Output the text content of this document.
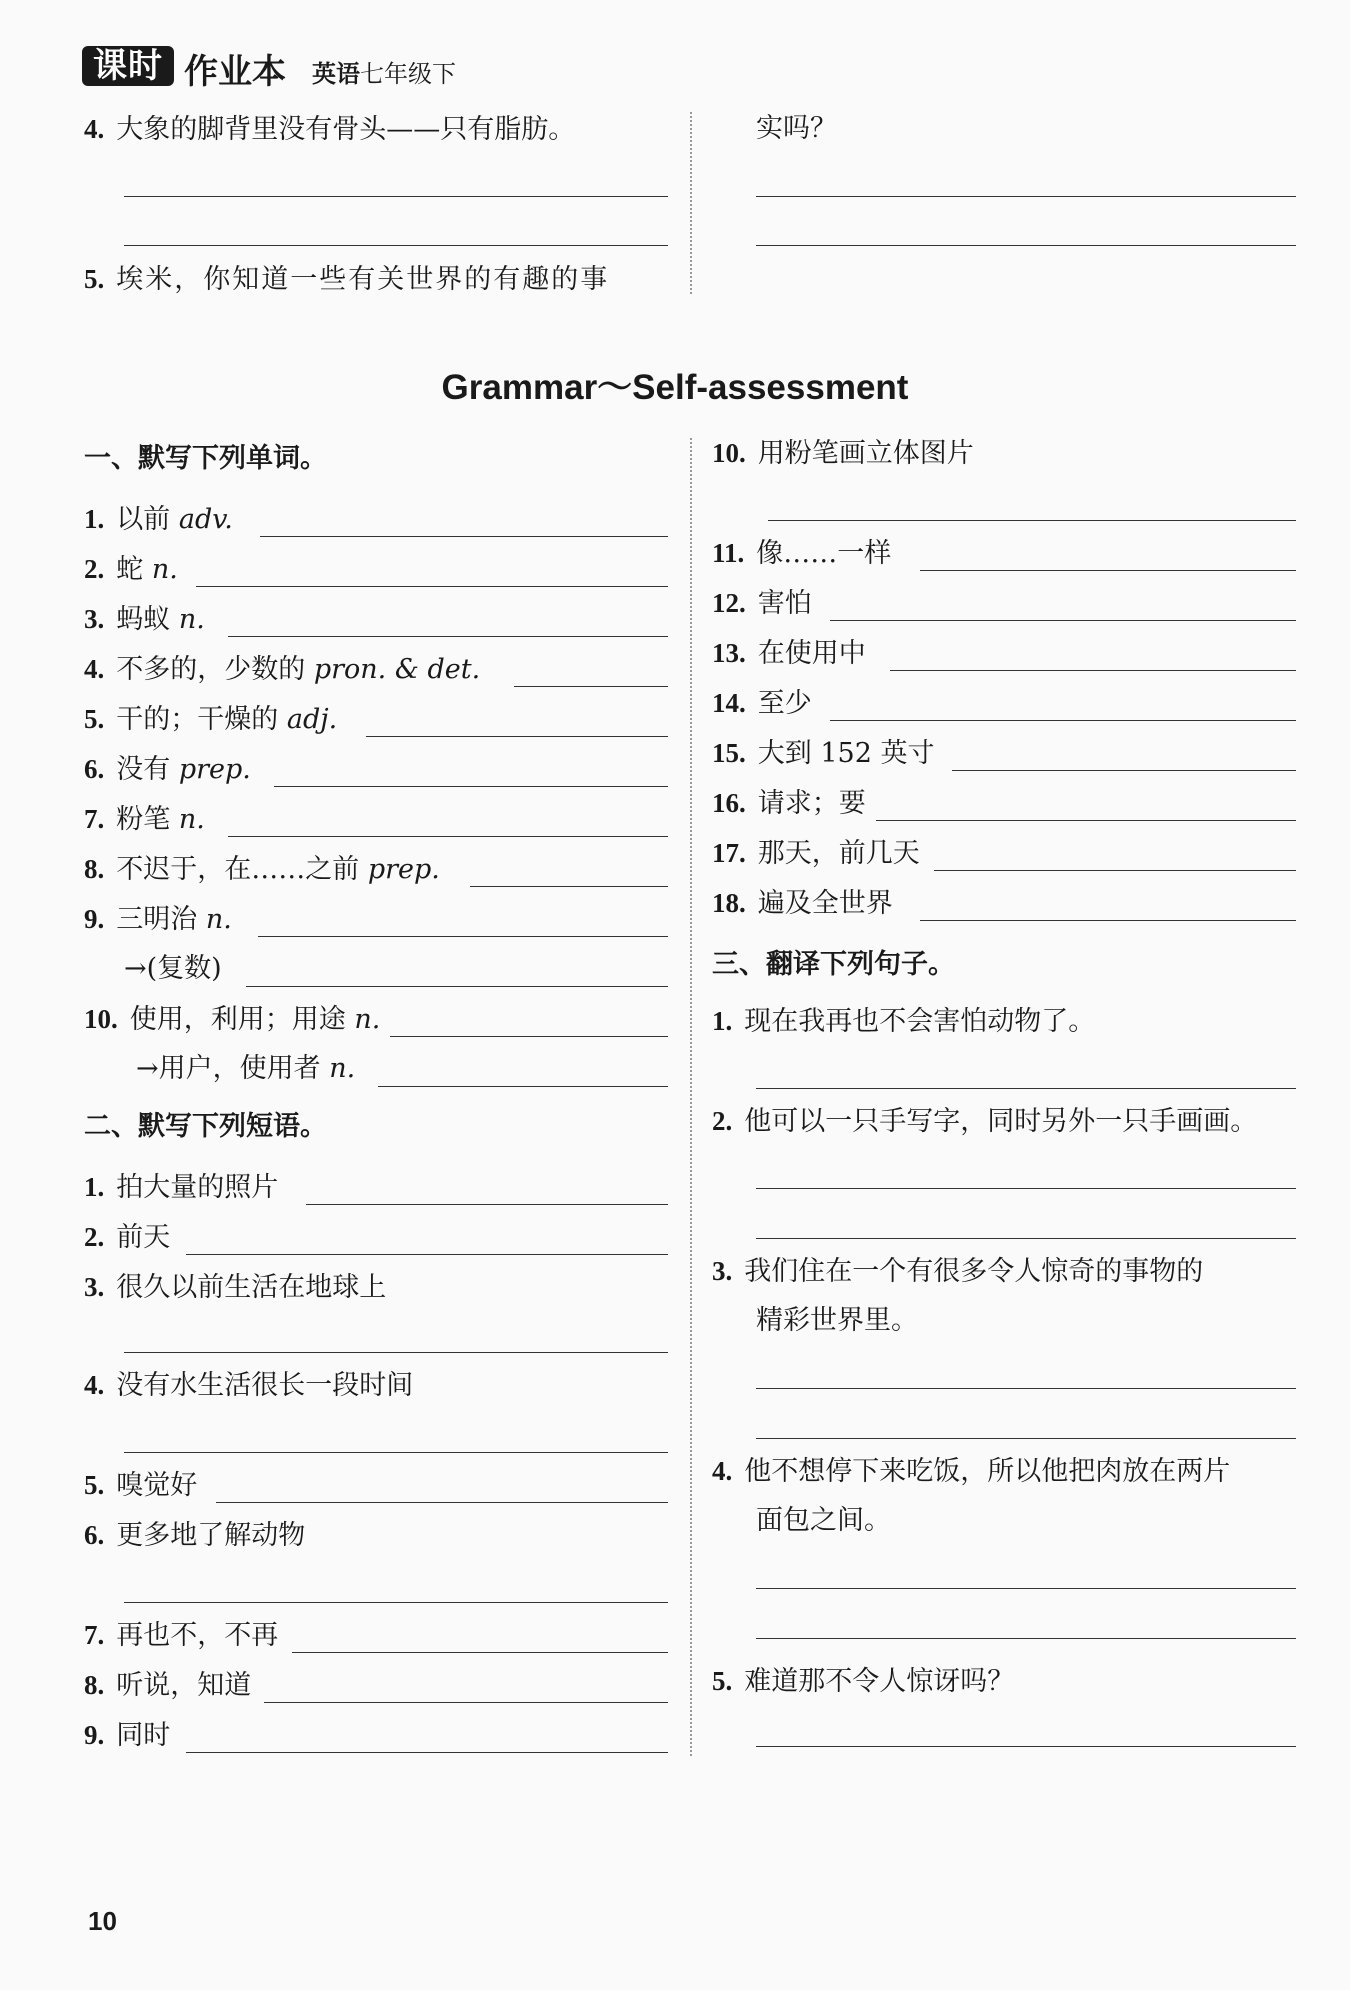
课时 作业本 英语七年级下
4. 大象的脚背里没有骨头——只有脂肪。
5. 埃米，你知道一些有关世界的有趣的事
实吗？
Grammar～Self-assessment
一、默写下列单词。
1. 以前 adv.
2. 蛇 n.
3. 蚂蚁 n.
4. 不多的，少数的 pron. & det.
5. 干的；干燥的 adj.
6. 没有 prep.
7. 粉笔 n.
8. 不迟于，在……之前 prep.
9. 三明治 n.
→(复数)
10. 使用，利用；用途 n.
→用户，使用者 n.
二、默写下列短语。
1. 拍大量的照片
2. 前天
3. 很久以前生活在地球上
4. 没有水生活很长一段时间
5. 嗅觉好
6. 更多地了解动物
7. 再也不，不再
8. 听说，知道
9. 同时
10. 用粉笔画立体图片
11. 像……一样
12. 害怕
13. 在使用中
14. 至少
15. 大到 152 英寸
16. 请求；要
17. 那天，前几天
18. 遍及全世界
三、翻译下列句子。
1. 现在我再也不会害怕动物了。
2. 他可以一只手写字，同时另外一只手画画。
3. 我们住在一个有很多令人惊奇的事物的
精彩世界里。
4. 他不想停下来吃饭，所以他把肉放在两片
面包之间。
5. 难道那不令人惊讶吗？
10
